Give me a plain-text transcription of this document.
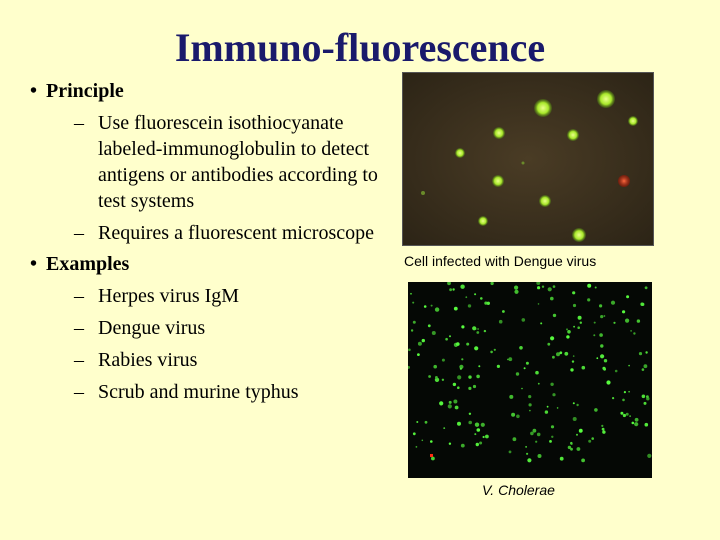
Immuno-fluorescence
• Principle
– Use fluorescein isothiocyanate labeled-immunoglobulin to detect antigens or antibodies according to test systems
– Requires a fluorescent microscope
• Examples
– Herpes virus IgM
– Dengue virus
– Rabies virus
– Scrub and murine typhus
Cell infected with Dengue virus
V. Cholerae
